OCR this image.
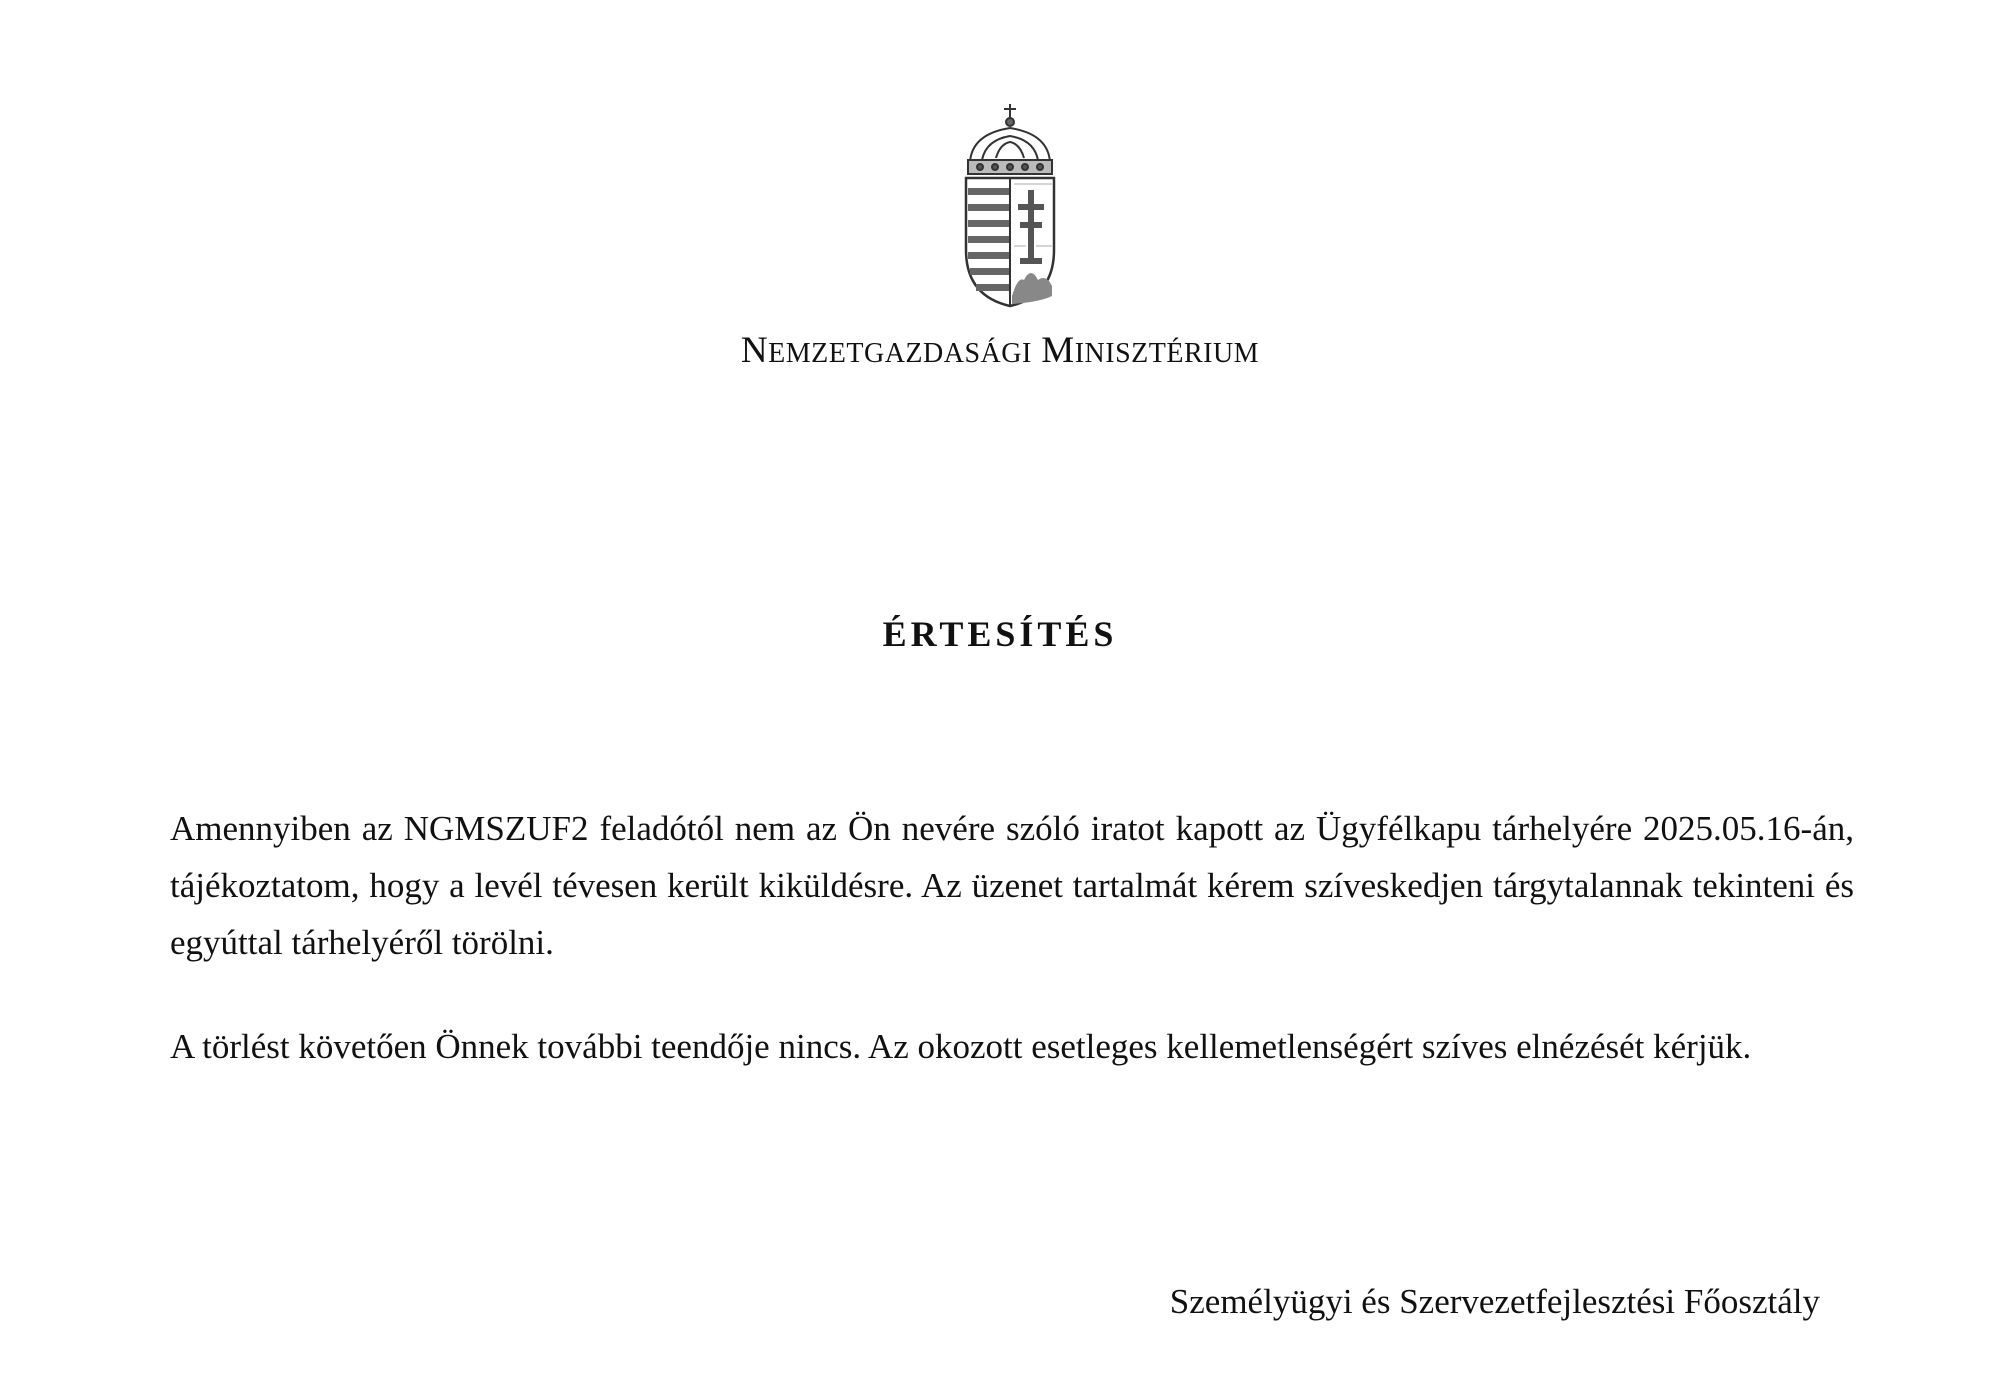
NEMZETGAZDASÁGI MINISZTÉRIUM
ÉRTESÍTÉS

Amennyiben az NGMSZUF2 feladótól nem az Ön nevére szóló iratot kapott az Ügyfélkapu tárhelyére 2025.05.16-án, tájékoztatom, hogy a levél tévesen került kiküldésre. Az üzenet tartalmát kérem szíveskedjen tárgytalannak tekinteni és egyúttal tárhelyéről törölni.

A törlést követően Önnek további teendője nincs. Az okozott esetleges kellemetlenségért szíves elnézését kérjük.

Személyügyi és Szervezetfejlesztési Főosztály
